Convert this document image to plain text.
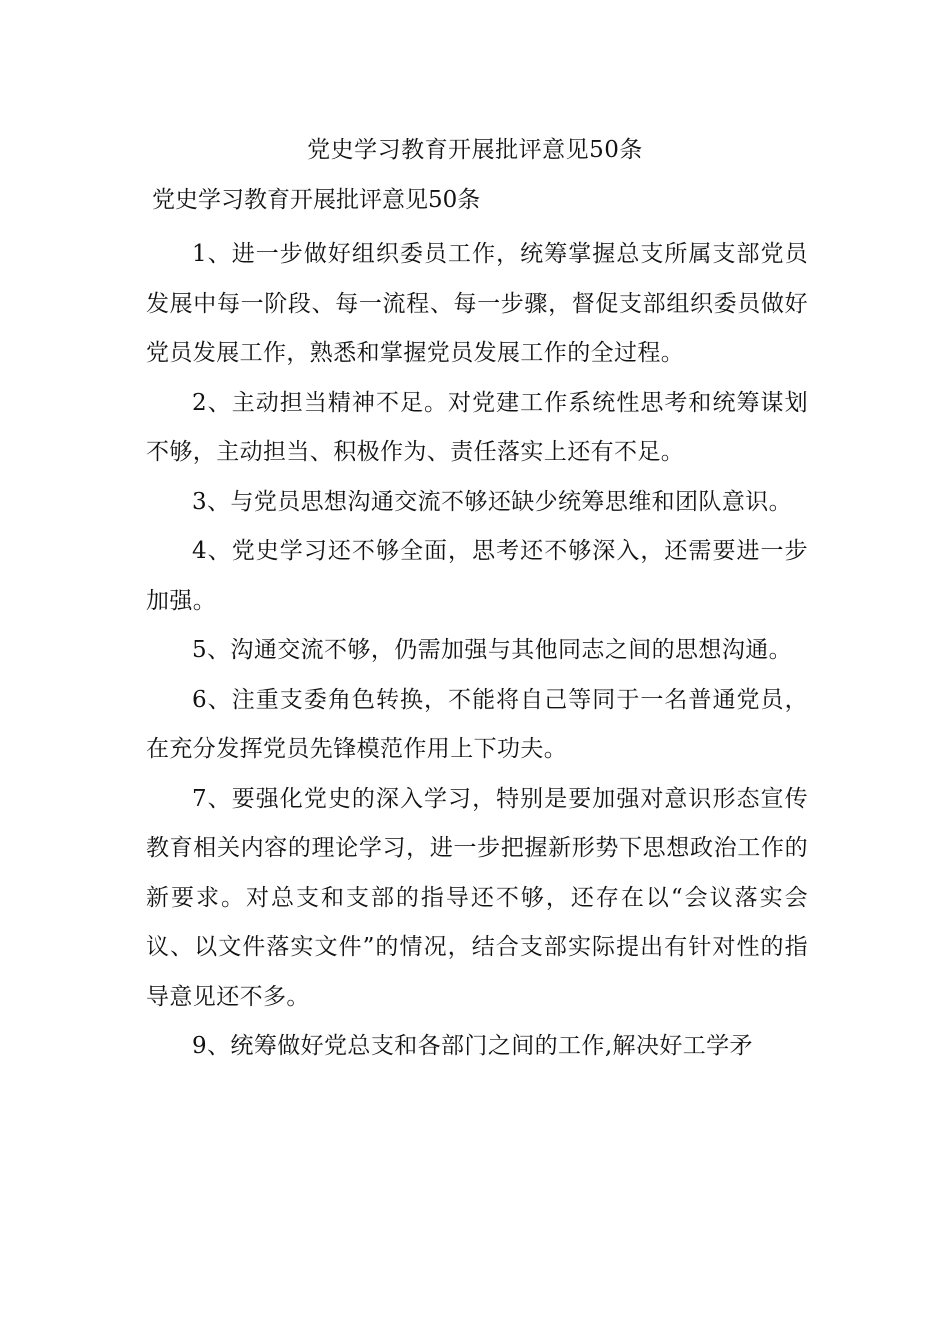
党史学习教育开展批评意见50条
党史学习教育开展批评意见50条

1、进一步做好组织委员工作，统筹掌握总支所属支部党员发展中每一阶段、每一流程、每一步骤，督促支部组织委员做好党员发展工作，熟悉和掌握党员发展工作的全过程。

2、主动担当精神不足。对党建工作系统性思考和统筹谋划不够，主动担当、积极作为、责任落实上还有不足。

3、与党员思想沟通交流不够还缺少统筹思维和团队意识。

4、党史学习还不够全面，思考还不够深入，还需要进一步加强。

5、沟通交流不够，仍需加强与其他同志之间的思想沟通。

6、注重支委角色转换，不能将自己等同于一名普通党员，在充分发挥党员先锋模范作用上下功夫。

7、要强化党史的深入学习，特别是要加强对意识形态宣传教育相关内容的理论学习，进一步把握新形势下思想政治工作的新要求。对总支和支部的指导还不够，还存在以“会议落实会议、以文件落实文件”的情况，结合支部实际提出有针对性的指导意见还不多。

9、统筹做好党总支和各部门之间的工作,解决好工学矛
